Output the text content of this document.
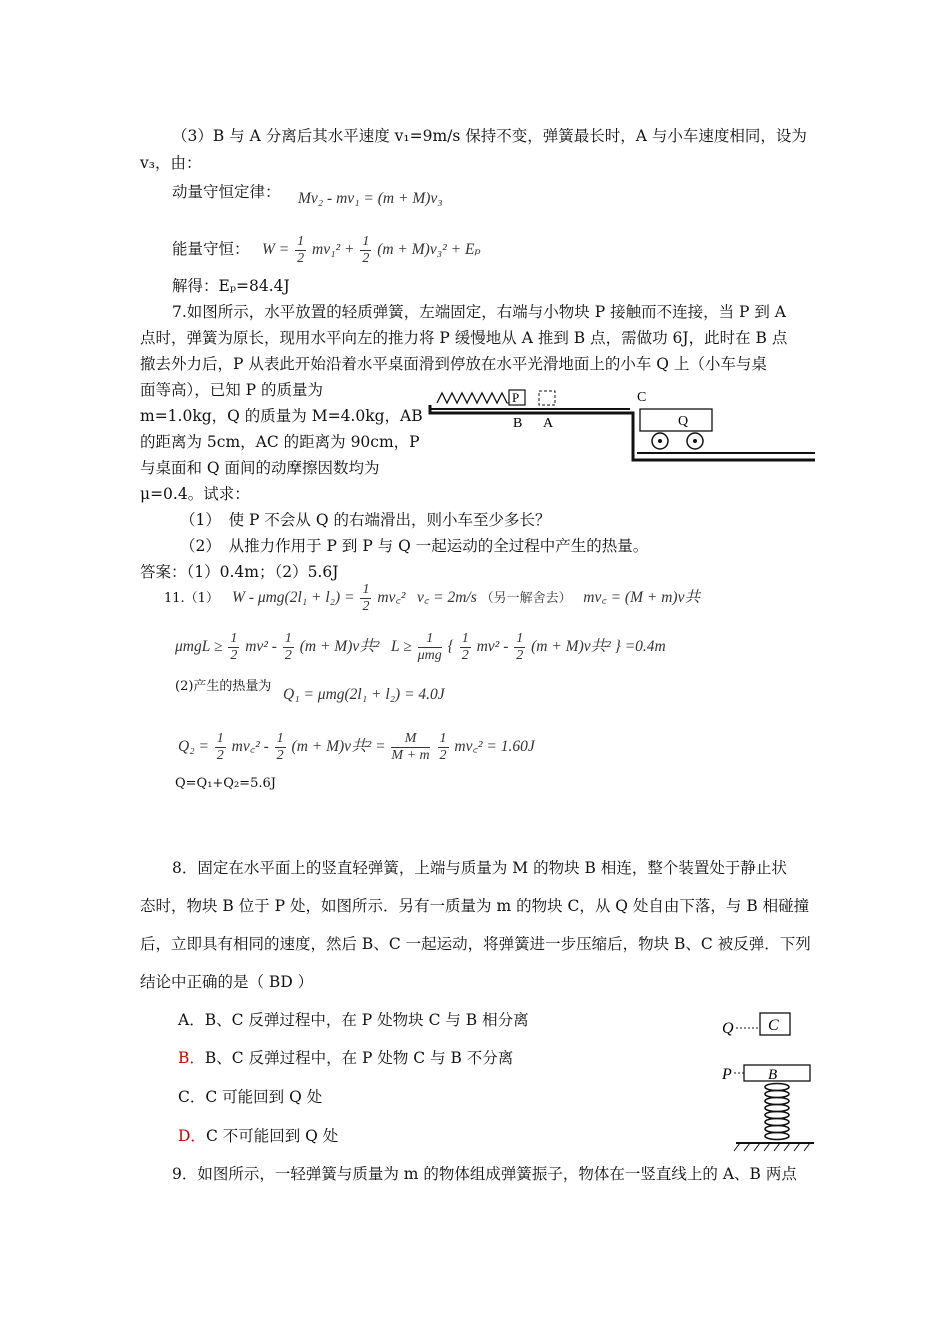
（3）B 与 A 分离后其水平速度 v₁=9m/s 保持不变，弹簧最长时，A 与小车速度相同，设为
v₃，由：
动量守恒定律： Mv₂ - mv₁ = (m + M)v₃
能量守恒： $W = \frac{1}{2} mv_1^2 + \frac{1}{2} (m + M)v_3^2 + E_p$
解得：Eₚ=84.4J
7.如图所示，水平放置的轻质弹簧，左端固定，右端与小物块 P 接触而不连接，当 P 到 A
点时，弹簧为原长，现用水平向左的推力将 P 缓慢地从 A 推到 B 点，需做功 6J，此时在 B 点
撤去外力后，P 从表此开始沿着水平桌面滑到停放在水平光滑地面上的小车 Q 上（小车与桌
面等高），已知 P 的质量为
m=1.0kg，Q 的质量为 M=4.0kg，AB
的距离为 5cm，AC 的距离为 90cm，P
与桌面和 Q 面间的动摩擦因数均为
μ=0.4。试求：
P
B A
C
Q
（1）　使 P 不会从 Q 的右端滑出，则小车至少多长？
（2）　从推力作用于 P 到 P 与 Q 一起运动的全过程中产生的热量。
答案：（1）0.4m；（2）5.6J
11.（1） $W - \mu mg(2l_1 + l_2) = \frac{1}{2}$ mv꜀² v꜀ = 2m/s （另一解舍去） mv꜀ = (M + m)v共
$\mu mgL \ge \frac{1}{2} mv^2 - \frac{1}{2} (m + M)v$共² $L \ge \frac{1}{\text{μmg}}$ { $\frac{1}{2} mv^2 - \frac{1}{2} (m + M)v$共² } =0.4m
(2)产生的热量为 Q₁ = μmg(2l₁ + l₂) = 4.0J
$Q_2 = \frac{1}{2}$ mv꜀² - $\frac{1}{2} (m + M)v$共$^2 = \frac{M}{M + m}$
$\frac{1}{2}$ mv꜀² = 1.60J
Q=Q₁+Q₂=5.6J
8．固定在水平面上的竖直轻弹簧，上端与质量为 M 的物块 B 相连，整个装置处于静止状
态时，物块 B 位于 P 处，如图所示．另有一质量为 m 的物块 C，从 Q 处自由下落，与 B 相碰撞
后，立即具有相同的速度，然后 B、C 一起运动，将弹簧进一步压缩后，物块 B、C 被反弹．下列
结论中正确的是（ BD ）
A．B、C 反弹过程中，在 P 处物块 C 与 B 相分离
B．B、C 反弹过程中，在 P 处物 C 与 B 不分离
C．C 可能回到 Q 处
D．C 不可能回到 Q 处
Q C
P B
9．如图所示，一轻弹簧与质量为 m 的物体组成弹簧振子，物体在一竖直线上的 A、B 两点
